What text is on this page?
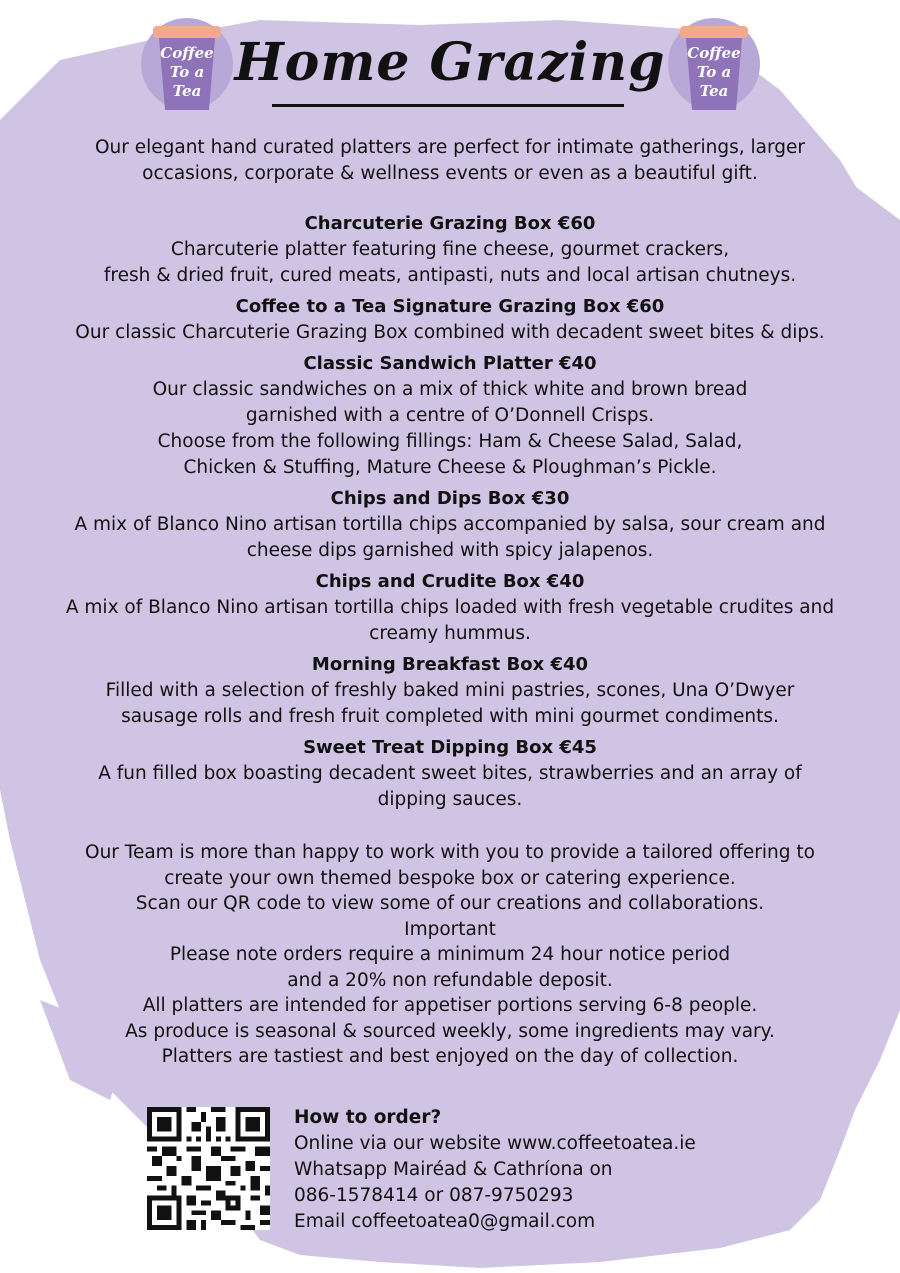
Coffee
To a
Tea
Coffee
To a
Tea
Home Grazing
Our elegant hand curated platters are perfect for intimate gatherings, larger
occasions, corporate & wellness events or even as a beautiful gift.
Charcuterie Grazing Box €60
Charcuterie platter featuring fine cheese, gourmet crackers,
fresh & dried fruit, cured meats, antipasti, nuts and local artisan chutneys.
Coffee to a Tea Signature Grazing Box €60
Our classic Charcuterie Grazing Box combined with decadent sweet bites & dips.
Classic Sandwich Platter €40
Our classic sandwiches on a mix of thick white and brown bread
garnished with a centre of O’Donnell Crisps.
Choose from the following fillings: Ham & Cheese Salad, Salad,
Chicken & Stuffing, Mature Cheese & Ploughman’s Pickle.
Chips and Dips Box €30
A mix of Blanco Nino artisan tortilla chips accompanied by salsa, sour cream and
cheese dips garnished with spicy jalapenos.
Chips and Crudite Box €40
A mix of Blanco Nino artisan tortilla chips loaded with fresh vegetable crudites and
creamy hummus.
Morning Breakfast Box €40
Filled with a selection of freshly baked mini pastries, scones, Una O’Dwyer
sausage rolls and fresh fruit completed with mini gourmet condiments.
Sweet Treat Dipping Box €45
A fun filled box boasting decadent sweet bites, strawberries and an array of
dipping sauces.
Our Team is more than happy to work with you to provide a tailored offering to
create your own themed bespoke box or catering experience.
Scan our QR code to view some of our creations and collaborations.
Important
Please note orders require a minimum 24 hour notice period
and a 20% non refundable deposit.
All platters are intended for appetiser portions serving 6-8 people.
As produce is seasonal & sourced weekly, some ingredients may vary.
Platters are tastiest and best enjoyed on the day of collection.
How to order?
Online via our website www.coffeetoatea.ie
Whatsapp Mairéad & Cathríona on
086-1578414 or 087-9750293
Email coffeetoatea0@gmail.com
